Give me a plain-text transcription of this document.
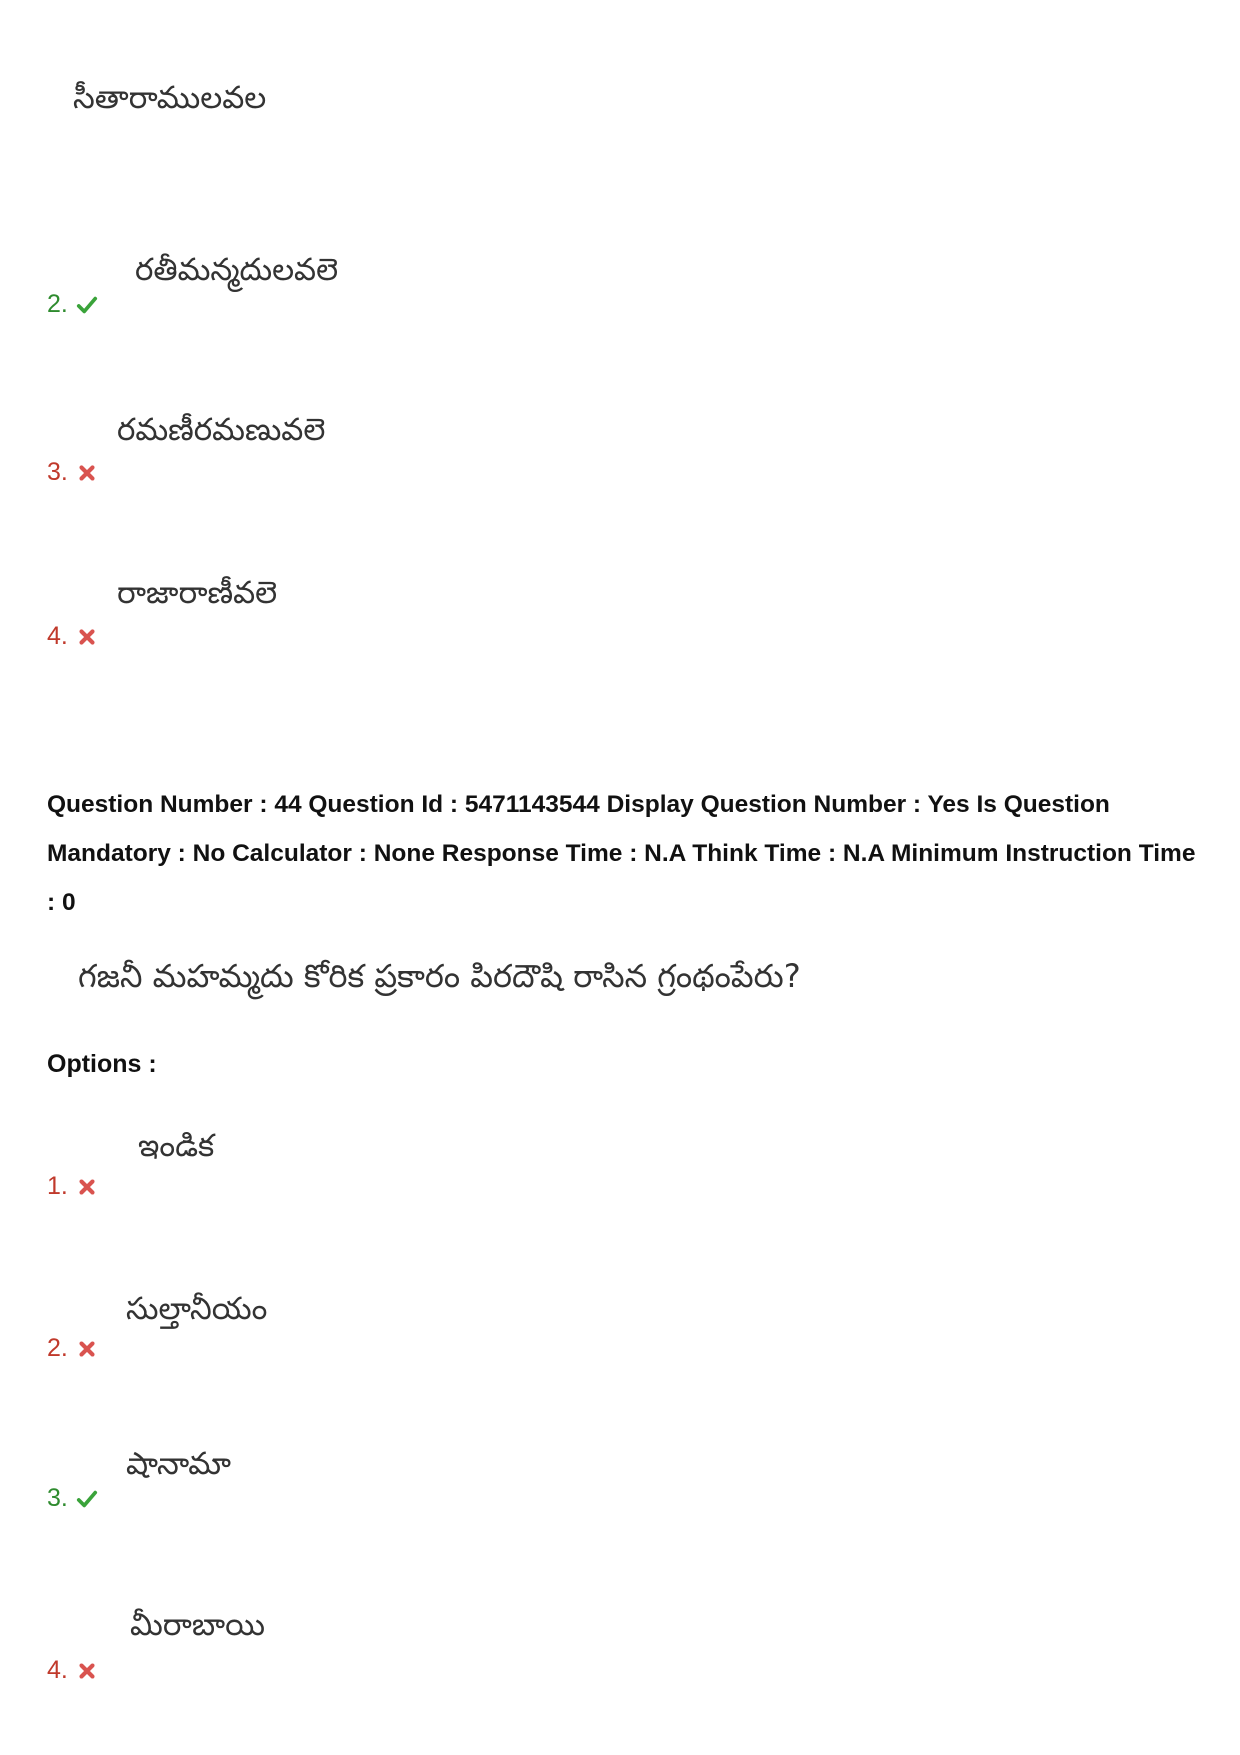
సీతారాములవల
రతీమన్మదులవలె
2.
రమణీరమణువలె
3.
రాజారాణీవలె
4.
Question Number : 44 Question Id : 5471143544 Display Question Number : Yes Is Question Mandatory : No Calculator : None Response Time : N.A Think Time : N.A Minimum Instruction Time : 0
గజనీ మహమ్మదు కోరిక ప్రకారం పిరదౌషి రాసిన గ్రంథంపేరు?
Options :
ఇండిక
1.
సుల్తానీయం
2.
షానామా
3.
మీరాబాయి
4.
